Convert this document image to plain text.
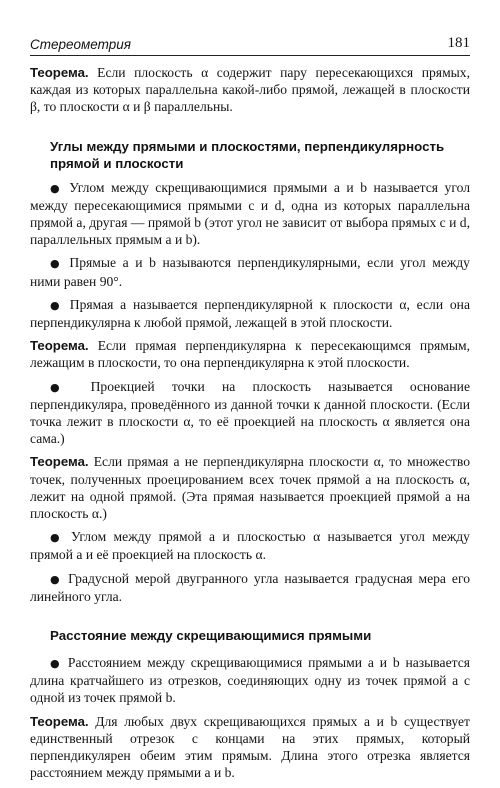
Стереометрия	181

Теорема. Если плоскость α содержит пару пересекающихся прямых, каждая из которых параллельна какой-либо прямой, лежащей в плоскости β, то плоскости α и β параллельны.

Углы между прямыми и плоскостями, перпендикулярность прямой и плоскости

● Углом между скрещивающимися прямыми a и b называется угол между пересекающимися прямыми c и d, одна из которых параллельна прямой a, другая — прямой b (этот угол не зависит от выбора прямых c и d, параллельных прямым a и b).

● Прямые a и b называются перпендикулярными, если угол между ними равен 90°.

● Прямая a называется перпендикулярной к плоскости α, если она перпендикулярна к любой прямой, лежащей в этой плоскости.

Теорема. Если прямая перпендикулярна к пересекающимся прямым, лежащим в плоскости, то она перпендикулярна к этой плоскости.

● Проекцией точки на плоскость называется основание перпендикуляра, проведённого из данной точки к данной плоскости. (Если точка лежит в плоскости α, то её проекцией на плоскость α является она сама.)

Теорема. Если прямая a не перпендикулярна плоскости α, то множество точек, полученных проецированием всех точек прямой a на плоскость α, лежит на одной прямой. (Эта прямая называется проекцией прямой a на плоскость α.)

● Углом между прямой a и плоскостью α называется угол между прямой a и её проекцией на плоскость α.

● Градусной мерой двугранного угла называется градусная мера его линейного угла.

Расстояние между скрещивающимися прямыми

● Расстоянием между скрещивающимися прямыми a и b называется длина кратчайшего из отрезков, соединяющих одну из точек прямой a с одной из точек прямой b.

Теорема. Для любых двух скрещивающихся прямых a и b существует единственный отрезок с концами на этих прямых, который перпендикулярен обеим этим прямым. Длина этого отрезка является расстоянием между прямыми a и b.
